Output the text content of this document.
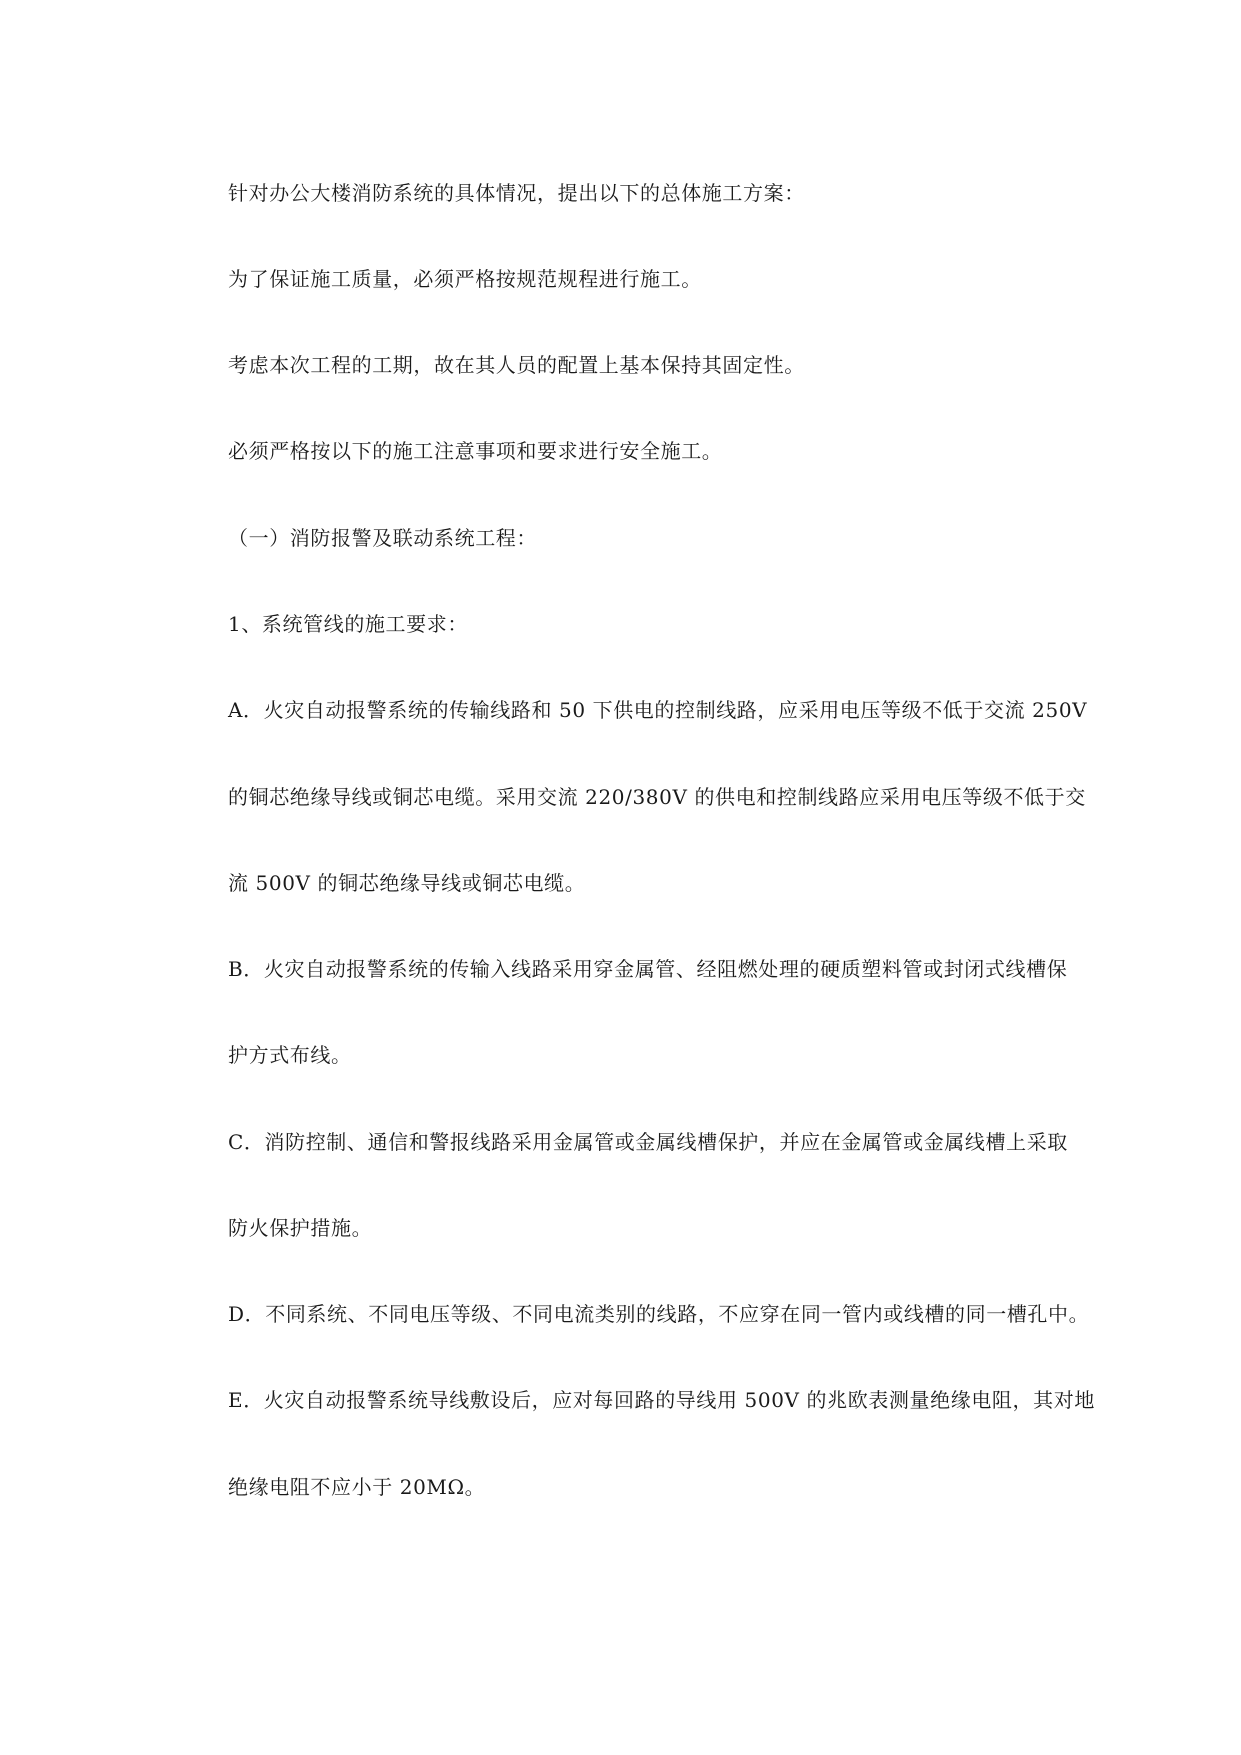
针对办公大楼消防系统的具体情况，提出以下的总体施工方案：
为了保证施工质量，必须严格按规范规程进行施工。
考虑本次工程的工期，故在其人员的配置上基本保持其固定性。
必须严格按以下的施工注意事项和要求进行安全施工。
（一）消防报警及联动系统工程：
1、系统管线的施工要求：
A．火灾自动报警系统的传输线路和 50 下供电的控制线路，应采用电压等级不低于交流 250V
的铜芯绝缘导线或铜芯电缆。采用交流 220/380V 的供电和控制线路应采用电压等级不低于交
流 500V 的铜芯绝缘导线或铜芯电缆。
B．火灾自动报警系统的传输入线路采用穿金属管、经阻燃处理的硬质塑料管或封闭式线槽保
护方式布线。
C．消防控制、通信和警报线路采用金属管或金属线槽保护，并应在金属管或金属线槽上采取
防火保护措施。
D．不同系统、不同电压等级、不同电流类别的线路，不应穿在同一管内或线槽的同一槽孔中。
E．火灾自动报警系统导线敷设后，应对每回路的导线用 500V 的兆欧表测量绝缘电阻，其对地
绝缘电阻不应小于 20MΩ。
